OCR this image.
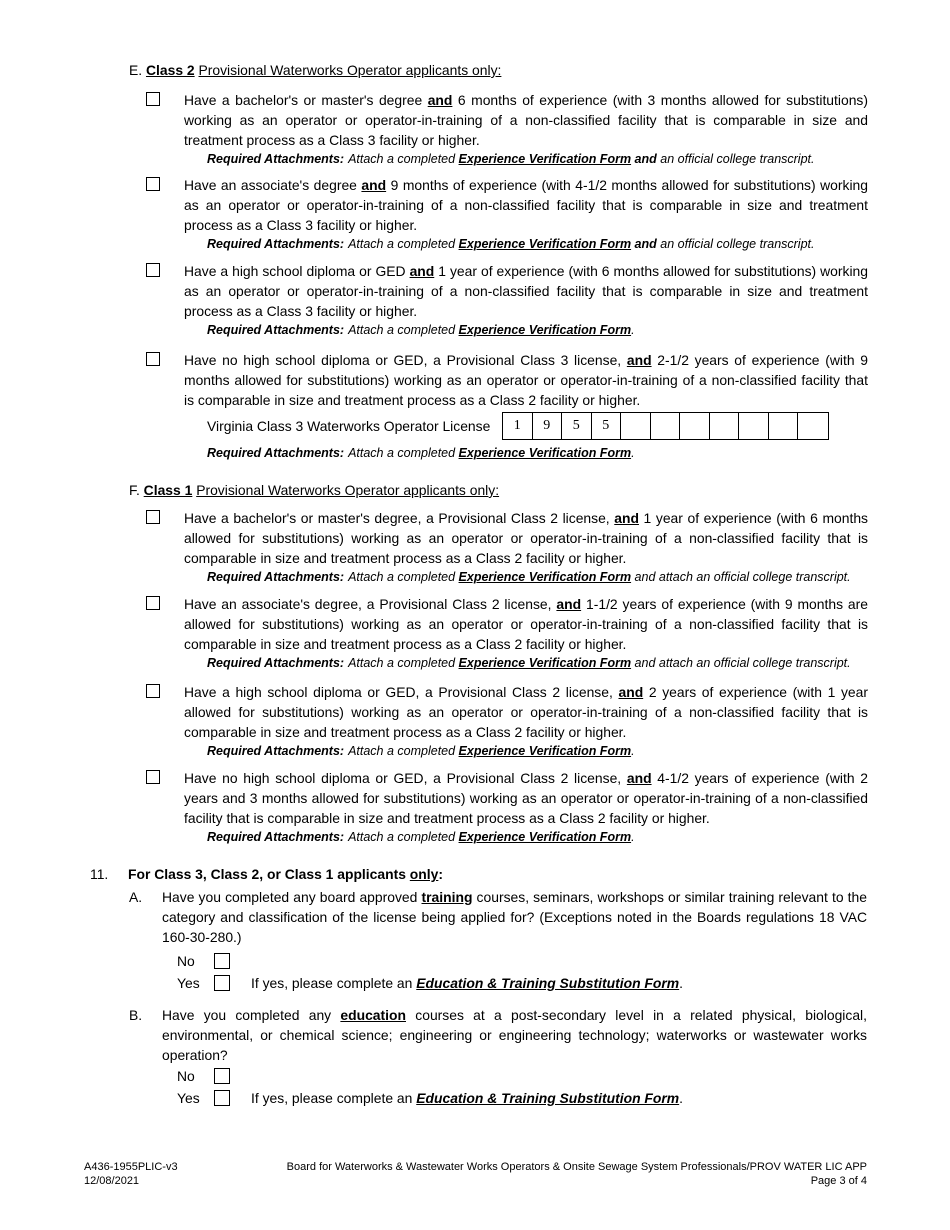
E. Class 2 Provisional Waterworks Operator applicants only:
Have a bachelor's or master's degree and 6 months of experience (with 3 months allowed for substitutions) working as an operator or operator-in-training of a non-classified facility that is comparable in size and treatment process as a Class 3 facility or higher.
Required Attachments: Attach a completed Experience Verification Form and an official college transcript.
Have an associate's degree and 9 months of experience (with 4-1/2 months allowed for substitutions) working as an operator or operator-in-training of a non-classified facility that is comparable in size and treatment process as a Class 3 facility or higher.
Required Attachments: Attach a completed Experience Verification Form and an official college transcript.
Have a high school diploma or GED and 1 year of experience (with 6 months allowed for substitutions) working as an operator or operator-in-training of a non-classified facility that is comparable in size and treatment process as a Class 3 facility or higher.
Required Attachments: Attach a completed Experience Verification Form.
Have no high school diploma or GED, a Provisional Class 3 license, and 2-1/2 years of experience (with 9 months allowed for substitutions) working as an operator or operator-in-training of a non-classified facility that is comparable in size and treatment process as a Class 2 facility or higher.
Virginia Class 3 Waterworks Operator License	1	9	5	5
Required Attachments: Attach a completed Experience Verification Form.
F. Class 1 Provisional Waterworks Operator applicants only:
Have a bachelor's or master's degree, a Provisional Class 2 license, and 1 year of experience (with 6 months allowed for substitutions) working as an operator or operator-in-training of a non-classified facility that is comparable in size and treatment process as a Class 2 facility or higher.
Required Attachments: Attach a completed Experience Verification Form and attach an official college transcript.
Have an associate's degree, a Provisional Class 2 license, and 1-1/2 years of experience (with 9 months are allowed for substitutions) working as an operator or operator-in-training of a non-classified facility that is comparable in size and treatment process as a Class 2 facility or higher.
Required Attachments: Attach a completed Experience Verification Form and attach an official college transcript.
Have a high school diploma or GED, a Provisional Class 2 license, and 2 years of experience (with 1 year allowed for substitutions) working as an operator or operator-in-training of a non-classified facility that is comparable in size and treatment process as a Class 2 facility or higher.
Required Attachments: Attach a completed Experience Verification Form.
Have no high school diploma or GED, a Provisional Class 2 license, and 4-1/2 years of experience (with 2 years and 3 months allowed for substitutions) working as an operator or operator-in-training of a non-classified facility that is comparable in size and treatment process as a Class 2 facility or higher.
Required Attachments: Attach a completed Experience Verification Form.
11. For Class 3, Class 2, or Class 1 applicants only:
A. Have you completed any board approved training courses, seminars, workshops or similar training relevant to the category and classification of the license being applied for? (Exceptions noted in the Boards regulations 18 VAC 160-30-280.)
No
Yes	If yes, please complete an Education & Training Substitution Form.
B. Have you completed any education courses at a post-secondary level in a related physical, biological, environmental, or chemical science; engineering or engineering technology; waterworks or wastewater works operation?
No
Yes	If yes, please complete an Education & Training Substitution Form.
A436-1955PLIC-v3
12/08/2021
Board for Waterworks & Wastewater Works Operators & Onsite Sewage System Professionals/PROV WATER LIC APP
Page 3 of 4
